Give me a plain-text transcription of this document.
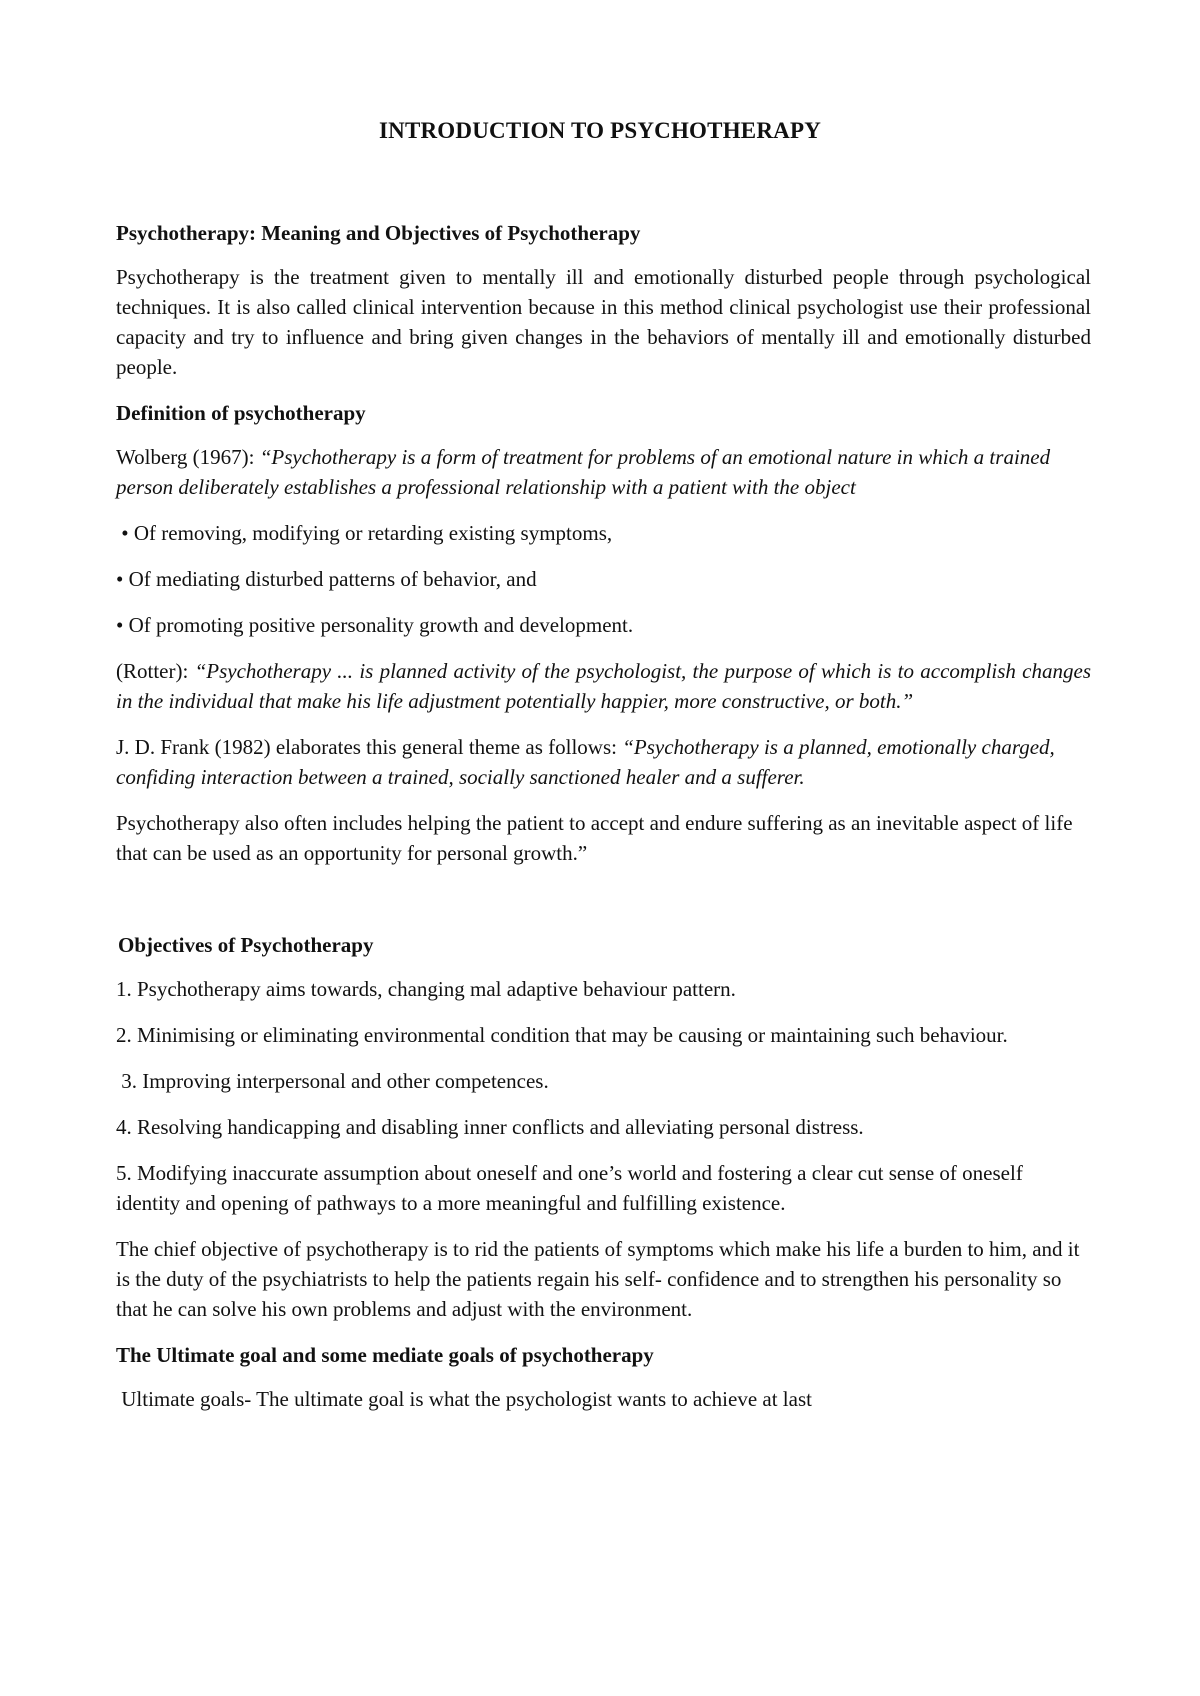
INTRODUCTION TO PSYCHOTHERAPY
Psychotherapy: Meaning and Objectives of Psychotherapy

Psychotherapy is the treatment given to mentally ill and emotionally disturbed people through psychological techniques. It is also called clinical intervention because in this method clinical psychologist use their professional capacity and try to influence and bring given changes in the behaviors of mentally ill and emotionally disturbed people.

Definition of psychotherapy

Wolberg (1967): “Psychotherapy is a form of treatment for problems of an emotional nature in which a trained person deliberately establishes a professional relationship with a patient with the object

• Of removing, modifying or retarding existing symptoms,

• Of mediating disturbed patterns of behavior, and

• Of promoting positive personality growth and development.

(Rotter): “Psychotherapy ... is planned activity of the psychologist, the purpose of which is to accomplish changes in the individual that make his life adjustment potentially happier, more constructive, or both.”

J. D. Frank (1982) elaborates this general theme as follows: “Psychotherapy is a planned, emotionally charged, confiding interaction between a trained, socially sanctioned healer and a sufferer.

Psychotherapy also often includes helping the patient to accept and endure suffering as an inevitable aspect of life that can be used as an opportunity for personal growth.”

Objectives of Psychotherapy

1. Psychotherapy aims towards, changing mal adaptive behaviour pattern.

2. Minimising or eliminating environmental condition that may be causing or maintaining such behaviour.

3. Improving interpersonal and other competences.

4. Resolving handicapping and disabling inner conflicts and alleviating personal distress.

5. Modifying inaccurate assumption about oneself and one’s world and fostering a clear cut sense of oneself identity and opening of pathways to a more meaningful and fulfilling existence.

The chief objective of psychotherapy is to rid the patients of symptoms which make his life a burden to him, and it is the duty of the psychiatrists to help the patients regain his self- confidence and to strengthen his personality so that he can solve his own problems and adjust with the environment.

The Ultimate goal and some mediate goals of psychotherapy

Ultimate goals- The ultimate goal is what the psychologist wants to achieve at last
